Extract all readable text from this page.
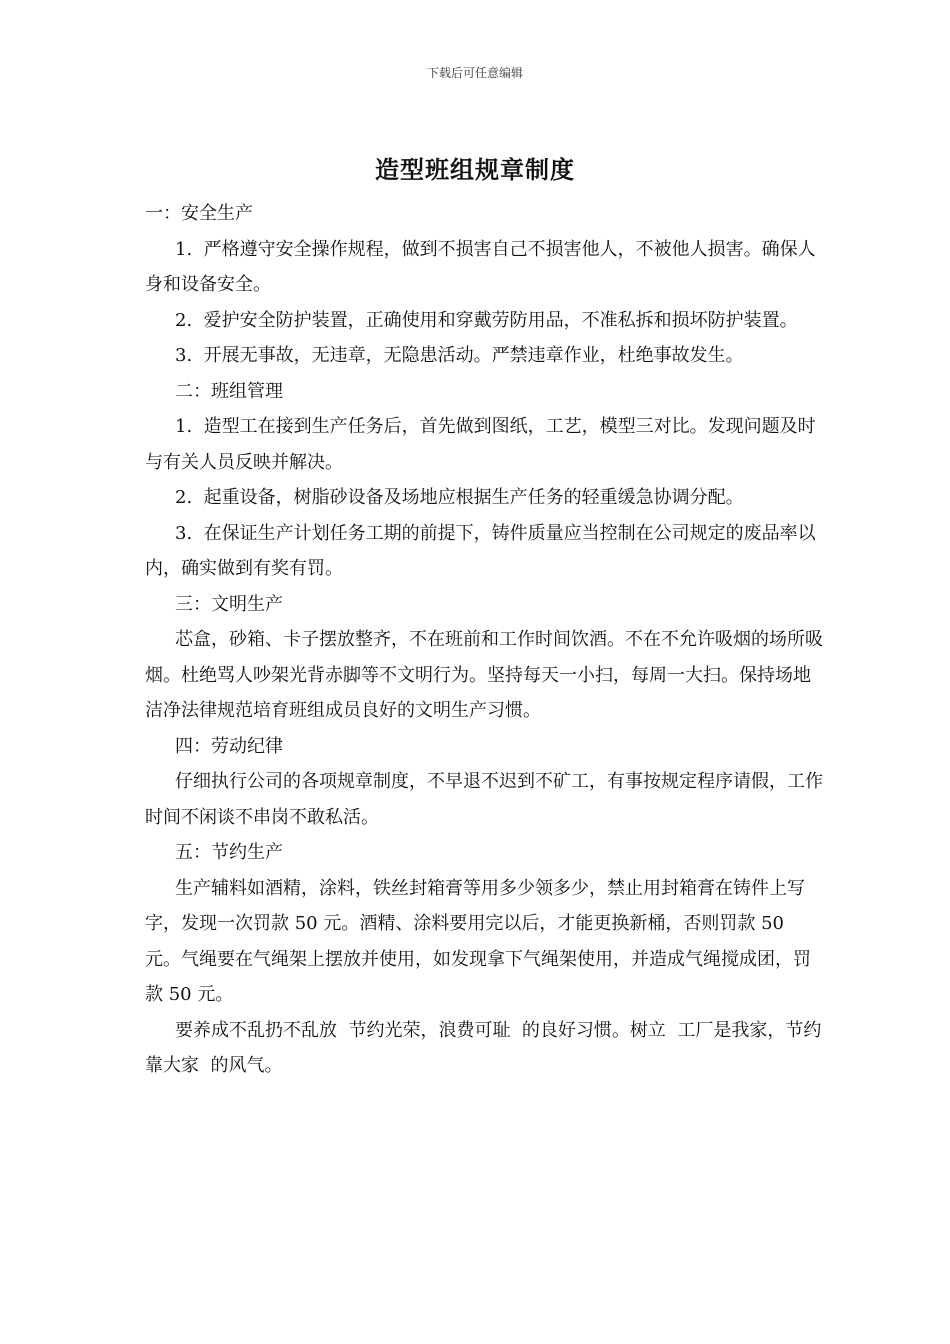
下载后可任意编辑
造型班组规章制度

一：安全生产

1.  严格遵守安全操作规程，做到不损害自己不损害他人，不被他人损害。确保人身和设备安全。

2.  爱护安全防护装置，正确使用和穿戴劳防用品，不准私拆和损坏防护装置。

3.  开展无事故，无违章，无隐患活动。严禁违章作业，杜绝事故发生。

二：班组管理

1.  造型工在接到生产任务后，首先做到图纸，工艺，模型三对比。发现问题及时与有关人员反映并解决。

2.  起重设备，树脂砂设备及场地应根据生产任务的轻重缓急协调分配。

3.  在保证生产计划任务工期的前提下，铸件质量应当控制在公司规定的废品率以内，确实做到有奖有罚。

三：文明生产

芯盒，砂箱、卡子摆放整齐，不在班前和工作时间饮酒。不在不允许吸烟的场所吸烟。杜绝骂人吵架光背赤脚等不文明行为。坚持每天一小扫，每周一大扫。保持场地洁净法律规范培育班组成员良好的文明生产习惯。

四：劳动纪律

仔细执行公司的各项规章制度，不早退不迟到不矿工，有事按规定程序请假，工作时间不闲谈不串岗不敢私活。

五：节约生产

生产辅料如酒精，涂料，铁丝封箱膏等用多少领多少，禁止用封箱膏在铸件上写字，发现一次罚款 50 元。酒精、涂料要用完以后，才能更换新桶，否则罚款 50 元。气绳要在气绳架上摆放并使用，如发现拿下气绳架使用，并造成气绳搅成团，罚款 50 元。

要养成不乱扔不乱放  节约光荣，浪费可耻  的良好习惯。树立  工厂是我家，节约靠大家  的风气。
